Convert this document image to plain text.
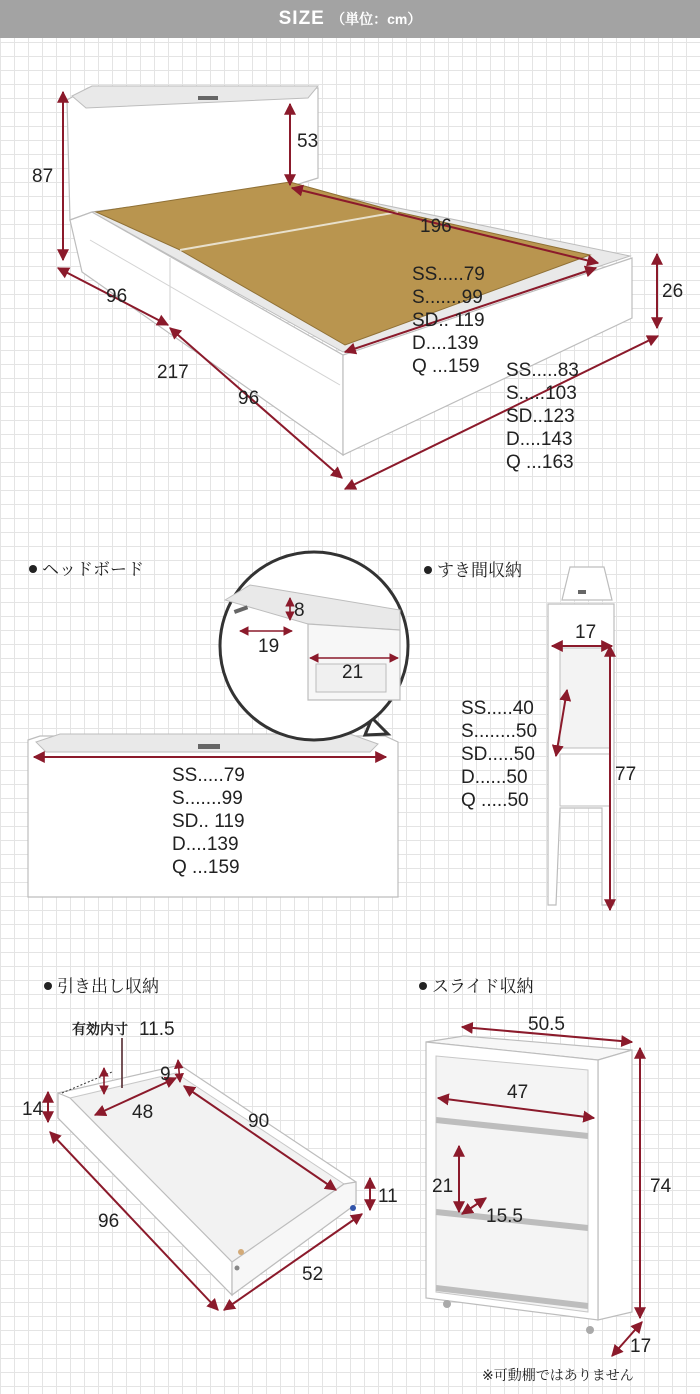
SIZE （単位：cm）
87
53
196
26
96
96
217
SS.....79
S.......99
SD.. 119
D....139
Q ...159 SS.....83
S.....103
SD..123
D....143
Q ...163
ヘッドボード
SS.....79
S.......99
SD.. 119
D....139
Q ...159
8
19
21
すき間収納
17
77
SS.....40
S........50
SD.....50
D......50
Q .....50
引き出し収納
有効内寸 11.5
14	48
9
90
11
96
52
スライド収納
50.5
47
74
21
15.5
17
※可動棚ではありません
